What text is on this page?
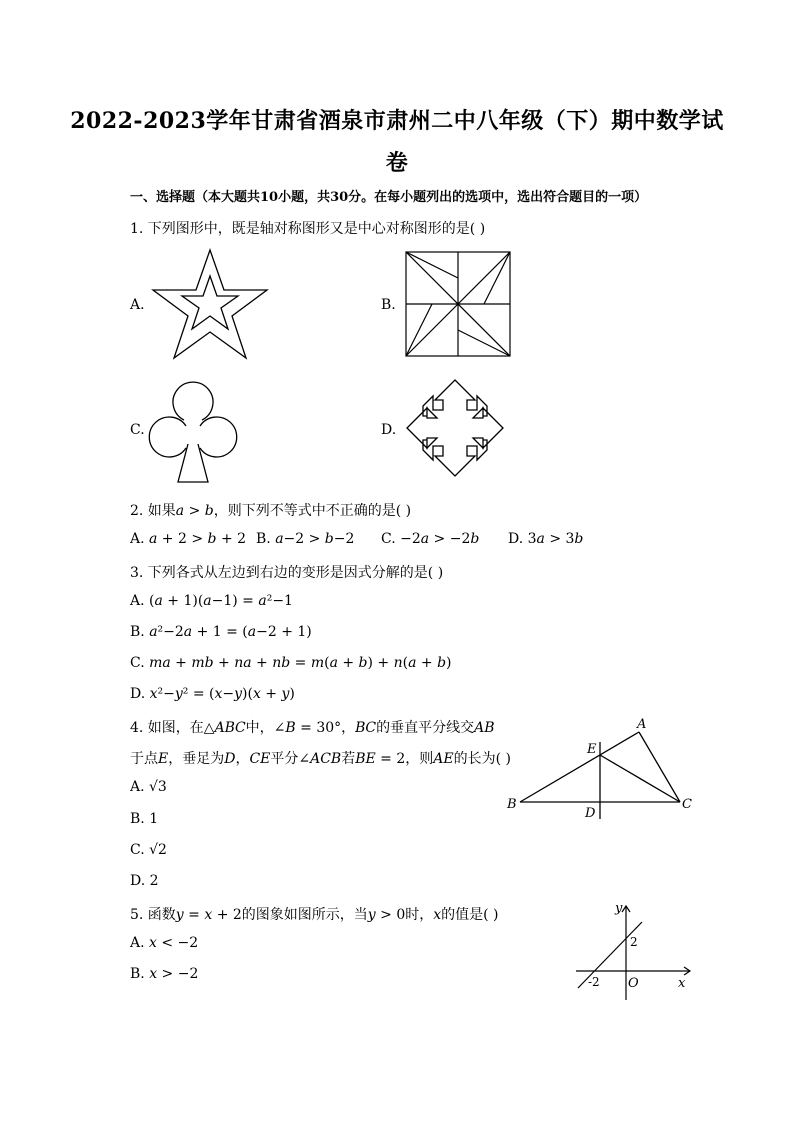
2022-2023学年甘肃省酒泉市肃州二中八年级（下）期中数学试
卷
一、选择题（本大题共10小题，共30分。在每小题列出的选项中，选出符合题目的一项）
1. 下列图形中，既是轴对称图形又是中心对称图形的是( )
A.	B.
C.	D.
2. 如果𝑎 > 𝑏，则下列不等式中不正确的是( )
A. 𝑎 + 2 > 𝑏 + 2 B. 𝑎−2 > 𝑏−2 C. −2𝑎 > −2𝑏 D. 3𝑎 > 3𝑏
3. 下列各式从左边到右边的变形是因式分解的是( )
A. (𝑎 + 1)(𝑎−1) = 𝑎²−1
B. 𝑎²−2𝑎 + 1 = (𝑎−2 + 1)
C. 𝑚𝑎 + 𝑚𝑏 + 𝑛𝑎 + 𝑛𝑏 = 𝑚(𝑎 + 𝑏) + 𝑛(𝑎 + 𝑏)
D. 𝑥²−𝑦² = (𝑥−𝑦)(𝑥 + 𝑦)
4. 如图，在△𝐴𝐵𝐶中，∠𝐵 = 30°，𝐵𝐶的垂直平分线交𝐴𝐵
于点𝐸，垂足为𝐷，𝐶𝐸平分∠𝐴𝐶𝐵若𝐵𝐸 = 2，则𝐴𝐸的长为( )
A. √3
B. 1
C. √2
D. 2
A
B	C
D
E
5. 函数𝑦 = 𝑥 + 2的图象如图所示，当𝑦 > 0时，𝑥的值是( )
A. 𝑥 < −2
B. 𝑥 > −2
y
x
O
-2
2
